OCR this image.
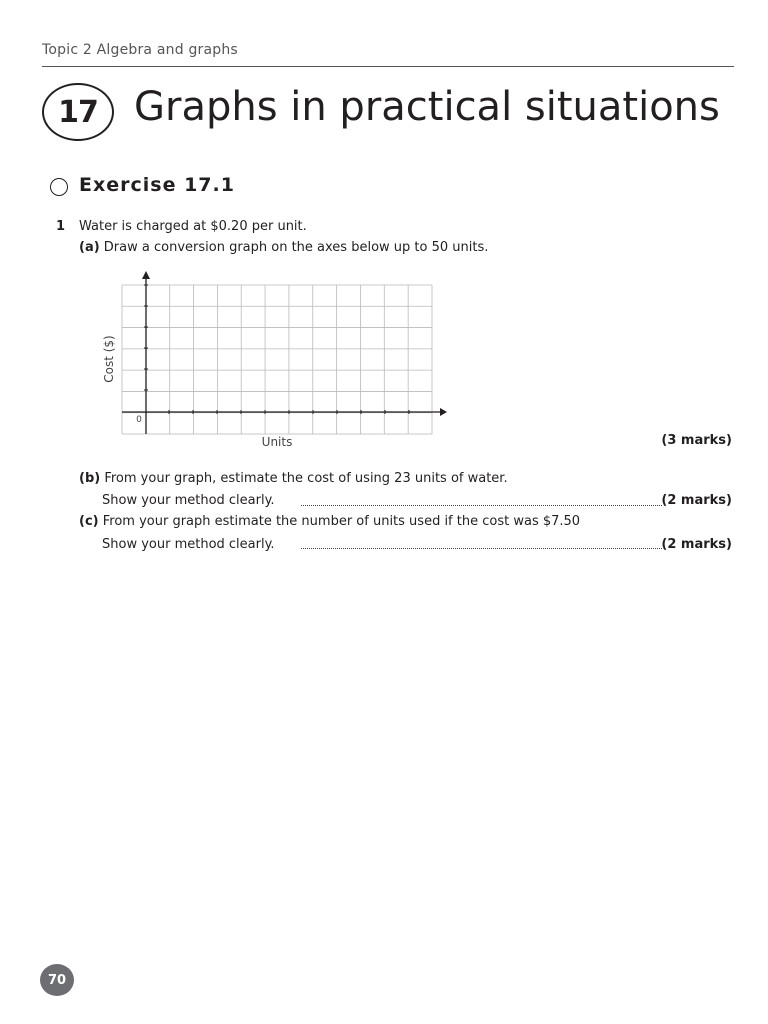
Topic 2 Algebra and graphs
17 Graphs in practical situations
Exercise 17.1
1 Water is charged at $0.20 per unit.
(a) Draw a conversion graph on the axes below up to 50 units.
0
Units
Cost ($)
(3 marks)
(b) From your graph, estimate the cost of using 23 units of water.
Show your method clearly.	(2 marks)
(c) From your graph estimate the number of units used if the cost was $7.50
Show your method clearly.	(2 marks)
70
